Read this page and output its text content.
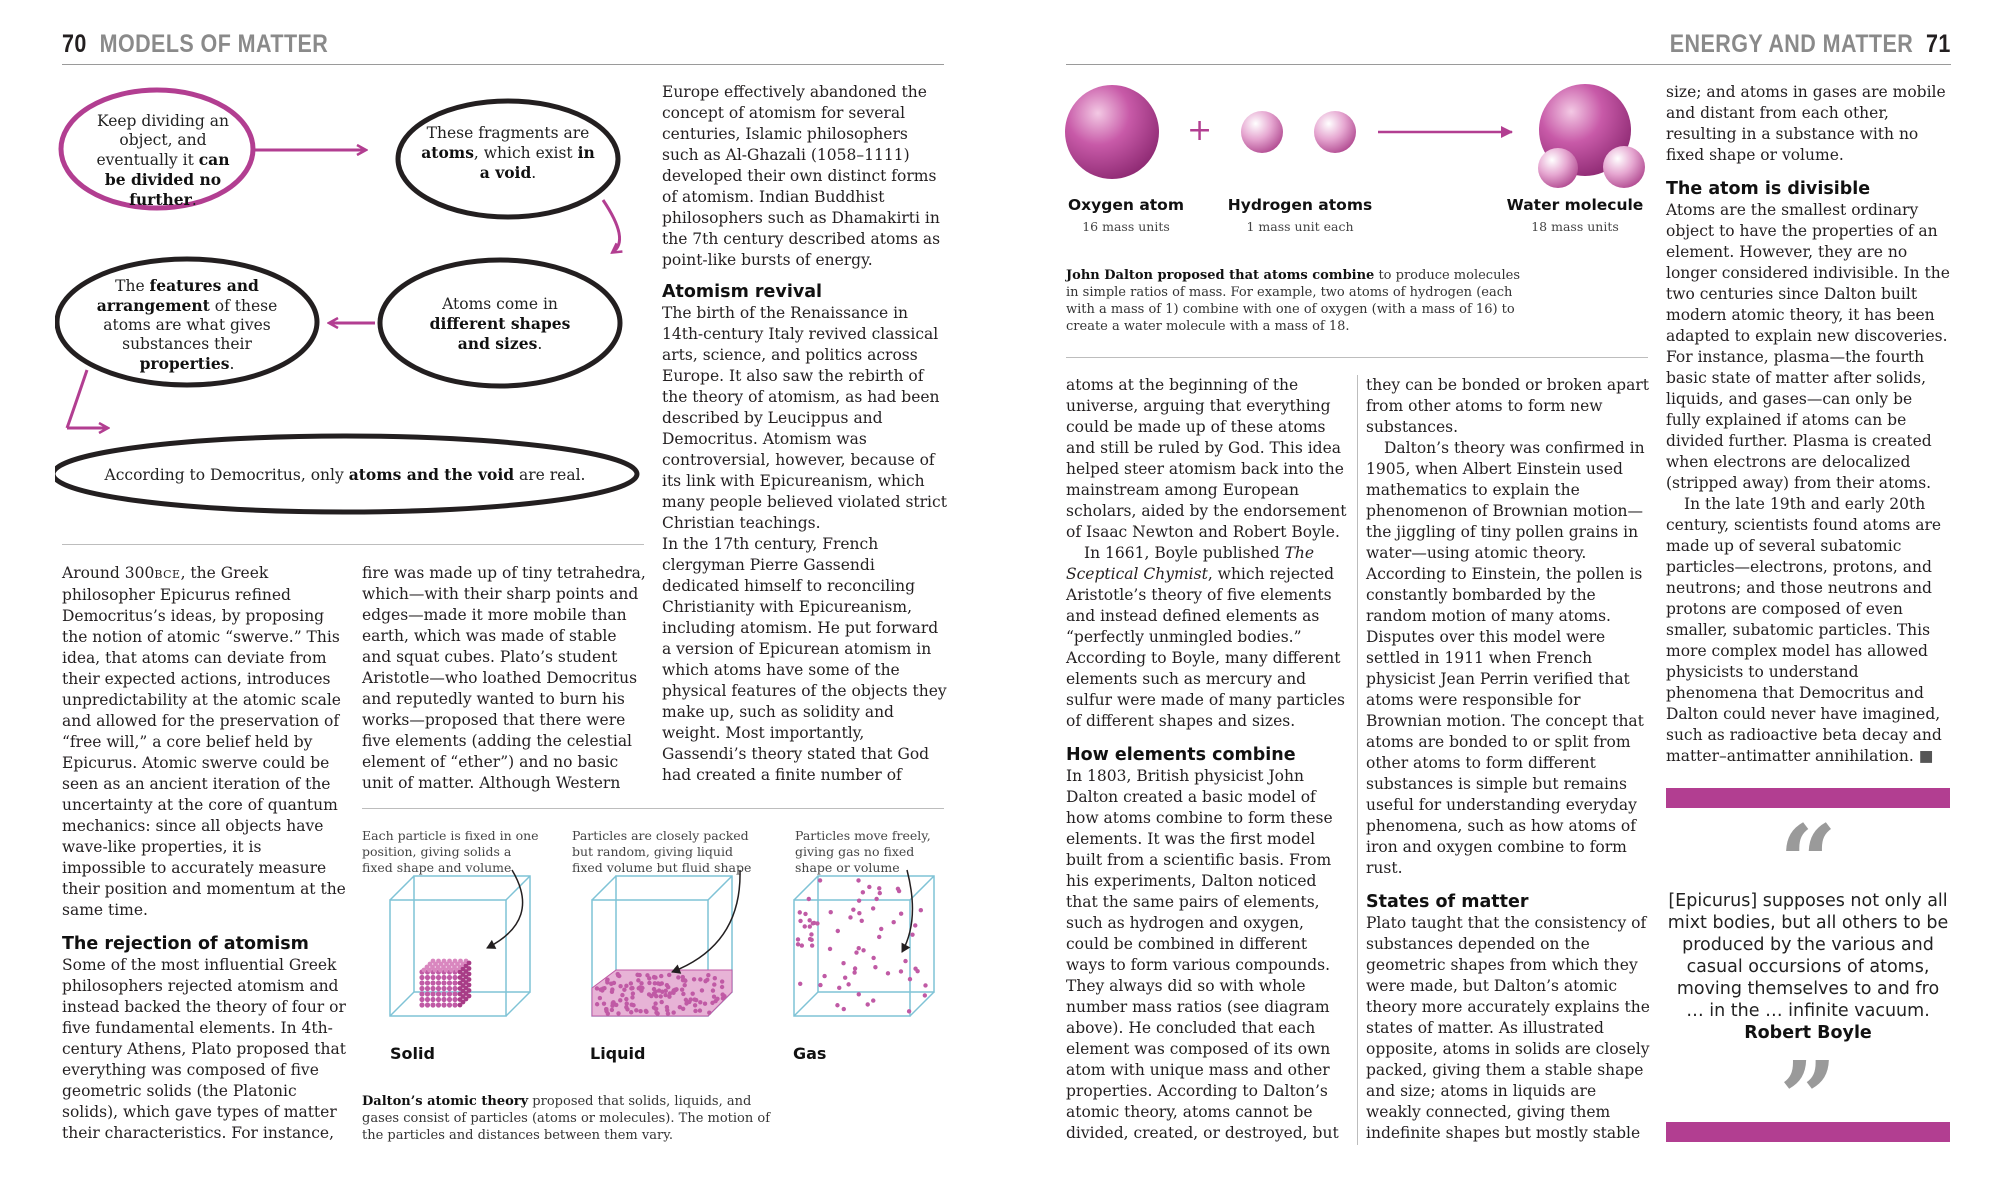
70 MODELS OF MATTER	ENERGY AND MATTER 71
Keep dividing an object, and eventually it can be divided no further.
These fragments are atoms, which exist in a void.
The features and arrangement of these atoms are what gives substances their properties.
Atoms come in different shapes and sizes.
According to Democritus, only atoms and the void are real.

Around 300BCE, the Greek philosopher Epicurus refined Democritus’s ideas, by proposing the notion of atomic “swerve.” This idea, that atoms can deviate from their expected actions, introduces unpredictability at the atomic scale and allowed for the preservation of “free will,” a core belief held by Epicurus. Atomic swerve could be seen as an ancient iteration of the uncertainty at the core of quantum mechanics: since all objects have wave-like properties, it is impossible to accurately measure their position and momentum at the same time.

The rejection of atomism

Some of the most influential Greek philosophers rejected atomism and instead backed the theory of four or five fundamental elements. In 4th-century Athens, Plato proposed that everything was composed of five geometric solids (the Platonic solids), which gave types of matter their characteristics. For instance,

fire was made up of tiny tetrahedra, which—with their sharp points and edges—made it more mobile than earth, which was made of stable and squat cubes. Plato’s student Aristotle—who loathed Democritus and reputedly wanted to burn his works—proposed that there were five elements (adding the celestial element of “ether”) and no basic unit of matter. Although Western

Europe effectively abandoned the concept of atomism for several centuries, Islamic philosophers such as Al-Ghazali (1058–1111) developed their own distinct forms of atomism. Indian Buddhist philosophers such as Dhamakirti in the 7th century described atoms as point-like bursts of energy.

Atomism revival

The birth of the Renaissance in 14th-century Italy revived classical arts, science, and politics across Europe. It also saw the rebirth of the theory of atomism, as had been described by Leucippus and Democritus. Atomism was controversial, however, because of its link with Epicureanism, which many people believed violated strict Christian teachings.

In the 17th century, French clergyman Pierre Gassendi dedicated himself to reconciling Christianity with Epicureanism, including atomism. He put forward a version of Epicurean atomism in which atoms have some of the physical features of the objects they make up, such as solidity and weight. Most importantly, Gassendi’s theory stated that God had created a finite number of

Each particle is fixed in one position, giving solids a fixed shape and volume
Particles are closely packed but random, giving liquid fixed volume but fluid shape
Particles move freely, giving gas no fixed shape or volume
Solid	Liquid	Gas
Dalton’s atomic theory proposed that solids, liquids, and gases consist of particles (atoms or molecules). The motion of the particles and distances between them vary.
+
Oxygen atom
16 mass units
Hydrogen atoms
1 mass unit each
Water molecule
18 mass units
John Dalton proposed that atoms combine to produce molecules in simple ratios of mass. For example, two atoms of hydrogen (each with a mass of 1) combine with one of oxygen (with a mass of 16) to create a water molecule with a mass of 18.

atoms at the beginning of the universe, arguing that everything could be made up of these atoms and still be ruled by God. This idea helped steer atomism back into the mainstream among European scholars, aided by the endorsement of Isaac Newton and Robert Boyle.

In 1661, Boyle published The Sceptical Chymist, which rejected Aristotle’s theory of five elements and instead defined elements as “perfectly unmingled bodies.” According to Boyle, many different elements such as mercury and sulfur were made of many particles of different shapes and sizes.

How elements combine

In 1803, British physicist John Dalton created a basic model of how atoms combine to form these elements. It was the first model built from a scientific basis. From his experiments, Dalton noticed that the same pairs of elements, such as hydrogen and oxygen, could be combined in different ways to form various compounds. They always did so with whole number mass ratios (see diagram above). He concluded that each element was composed of its own atom with unique mass and other properties. According to Dalton’s atomic theory, atoms cannot be divided, created, or destroyed, but

they can be bonded or broken apart from other atoms to form new substances.

Dalton’s theory was confirmed in 1905, when Albert Einstein used mathematics to explain the phenomenon of Brownian motion—the jiggling of tiny pollen grains in water—using atomic theory. According to Einstein, the pollen is constantly bombarded by the random motion of many atoms. Disputes over this model were settled in 1911 when French physicist Jean Perrin verified that atoms were responsible for Brownian motion. The concept that atoms are bonded to or split from other atoms to form different substances is simple but remains useful for understanding everyday phenomena, such as how atoms of iron and oxygen combine to form rust.

States of matter

Plato taught that the consistency of substances depended on the geometric shapes from which they were made, but Dalton’s atomic theory more accurately explains the states of matter. As illustrated opposite, atoms in solids are closely packed, giving them a stable shape and size; atoms in liquids are weakly connected, giving them indefinite shapes but mostly stable

size; and atoms in gases are mobile and distant from each other, resulting in a substance with no fixed shape or volume.

The atom is divisible

Atoms are the smallest ordinary object to have the properties of an element. However, they are no longer considered indivisible. In the two centuries since Dalton built modern atomic theory, it has been adapted to explain new discoveries. For instance, plasma—the fourth basic state of matter after solids, liquids, and gases—can only be fully explained if atoms can be divided further. Plasma is created when electrons are delocalized (stripped away) from their atoms.

In the late 19th and early 20th century, scientists found atoms are made up of several subatomic particles—electrons, protons, and neutrons; and those neutrons and protons are composed of even smaller, subatomic particles. This more complex model has allowed physicists to understand phenomena that Democritus and Dalton could never have imagined, such as radioactive beta decay and matter–antimatter annihilation. ■

“
[Epicurus] supposes not only all mixt bodies, but all others to be produced by the various and casual occursions of atoms, moving themselves to and fro … in the … infinite vacuum.
Robert Boyle
”
